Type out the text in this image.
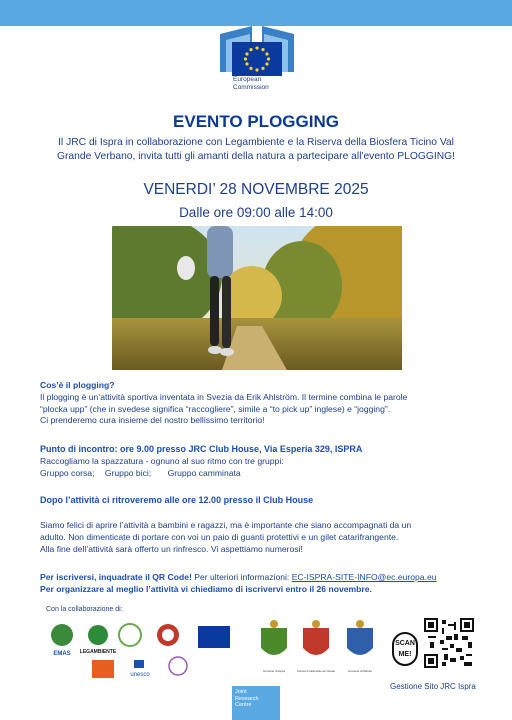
European
Commission
EVENTO PLOGGING
Il JRC di Ispra in collaborazione con Legambiente e la Riserva della Biosfera Ticino Val
Grande Verbano, invita tutti gli amanti della natura a partecipare all'evento PLOGGING!
VENERDI’ 28 NOVEMBRE 2025
Dalle ore 09:00 alle 14:00
Cos’è il plogging?
Il plogging è un’attività sportiva inventata in Svezia da Erik Ahlström. Il termine combina le parole
“plocka upp” (che in svedese significa “raccogliere”, simile a “to pick up” inglese) e “jogging”.
Ci prenderemo cura insieme del nostro bellissimo territorio!
Punto di incontro: ore 9.00 presso JRC Club House, Via Esperia 329, ISPRA
Raccogliamo la spazzatura - ognuno al suo ritmo con tre gruppi:
Gruppo corsa; Gruppo bici; Gruppo camminata
Dopo l’attività ci ritroveremo alle ore 12.00 presso il Club House
Siamo felici di aprire l’attività a bambini e ragazzi, ma è importante che siano accompagnati da un
adulto. Non dimenticate di portare con voi un paio di guanti protettivi e un gilet catarifrangente.
Alla fine dell’attività sarà offerto un rinfresco. Vi aspettiamo numerosi!
Per iscriversi, inquadrate il QR Code! Per ulteriori informazioni: EC-ISPRA-SITE-INFO@ec.europa.eu
Per organizzare al meglio l’attività vi chiediamo di iscrivervi entro il 26 novembre.
Con la collaborazione di:
EMAS LEGAMBIENTE
unesco
Comune di Ispra	Comune di Cadrezzate con Osmate	Comune di Ranco
SCAN ME!
Gestione Sito JRC Ispra
Joint
Research
Centre
